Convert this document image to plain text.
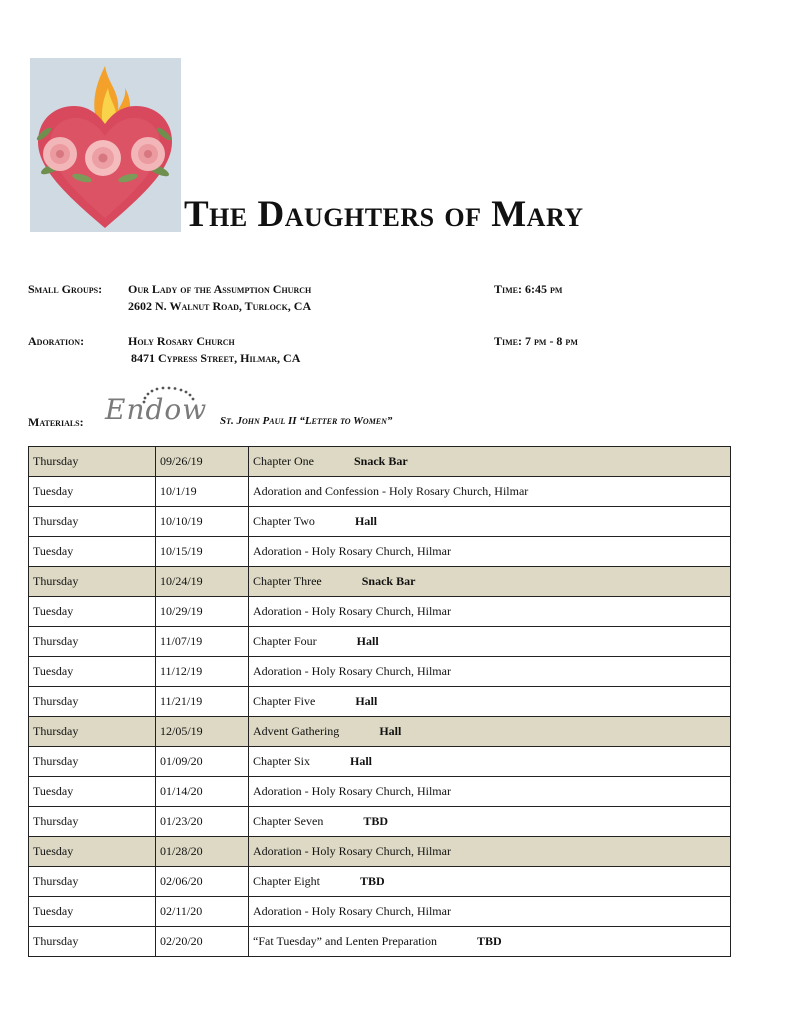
The Daughters of Mary
Small Groups: Our Lady of the Assumption Church
2602 N. Walnut Road, Turlock, CA
Time: 6:45 pm
Adoration:	Holy Rosary Church
8471 Cypress Street, Hilmar, CA
Time: 7 pm - 8 pm
Materials: Endow St. John Paul II “Letter to Women”
Thursday	09/26/19	Chapter One Snack Bar
Tuesday	10/1/19	Adoration and Confession - Holy Rosary Church, Hilmar
Thursday	10/10/19	Chapter Two Hall
Tuesday	10/15/19	Adoration - Holy Rosary Church, Hilmar
Thursday	10/24/19	Chapter Three Snack Bar
Tuesday	10/29/19	Adoration - Holy Rosary Church, Hilmar
Thursday	11/07/19	Chapter Four Hall
Tuesday	11/12/19	Adoration - Holy Rosary Church, Hilmar
Thursday	11/21/19	Chapter Five Hall
Thursday	12/05/19	Advent Gathering Hall
Thursday	01/09/20	Chapter Six Hall
Tuesday	01/14/20	Adoration - Holy Rosary Church, Hilmar
Thursday	01/23/20	Chapter Seven TBD
Tuesday	01/28/20	Adoration - Holy Rosary Church, Hilmar
Thursday	02/06/20	Chapter Eight TBD
Tuesday	02/11/20	Adoration - Holy Rosary Church, Hilmar
Thursday	02/20/20	“Fat Tuesday” and Lenten Preparation TBD
